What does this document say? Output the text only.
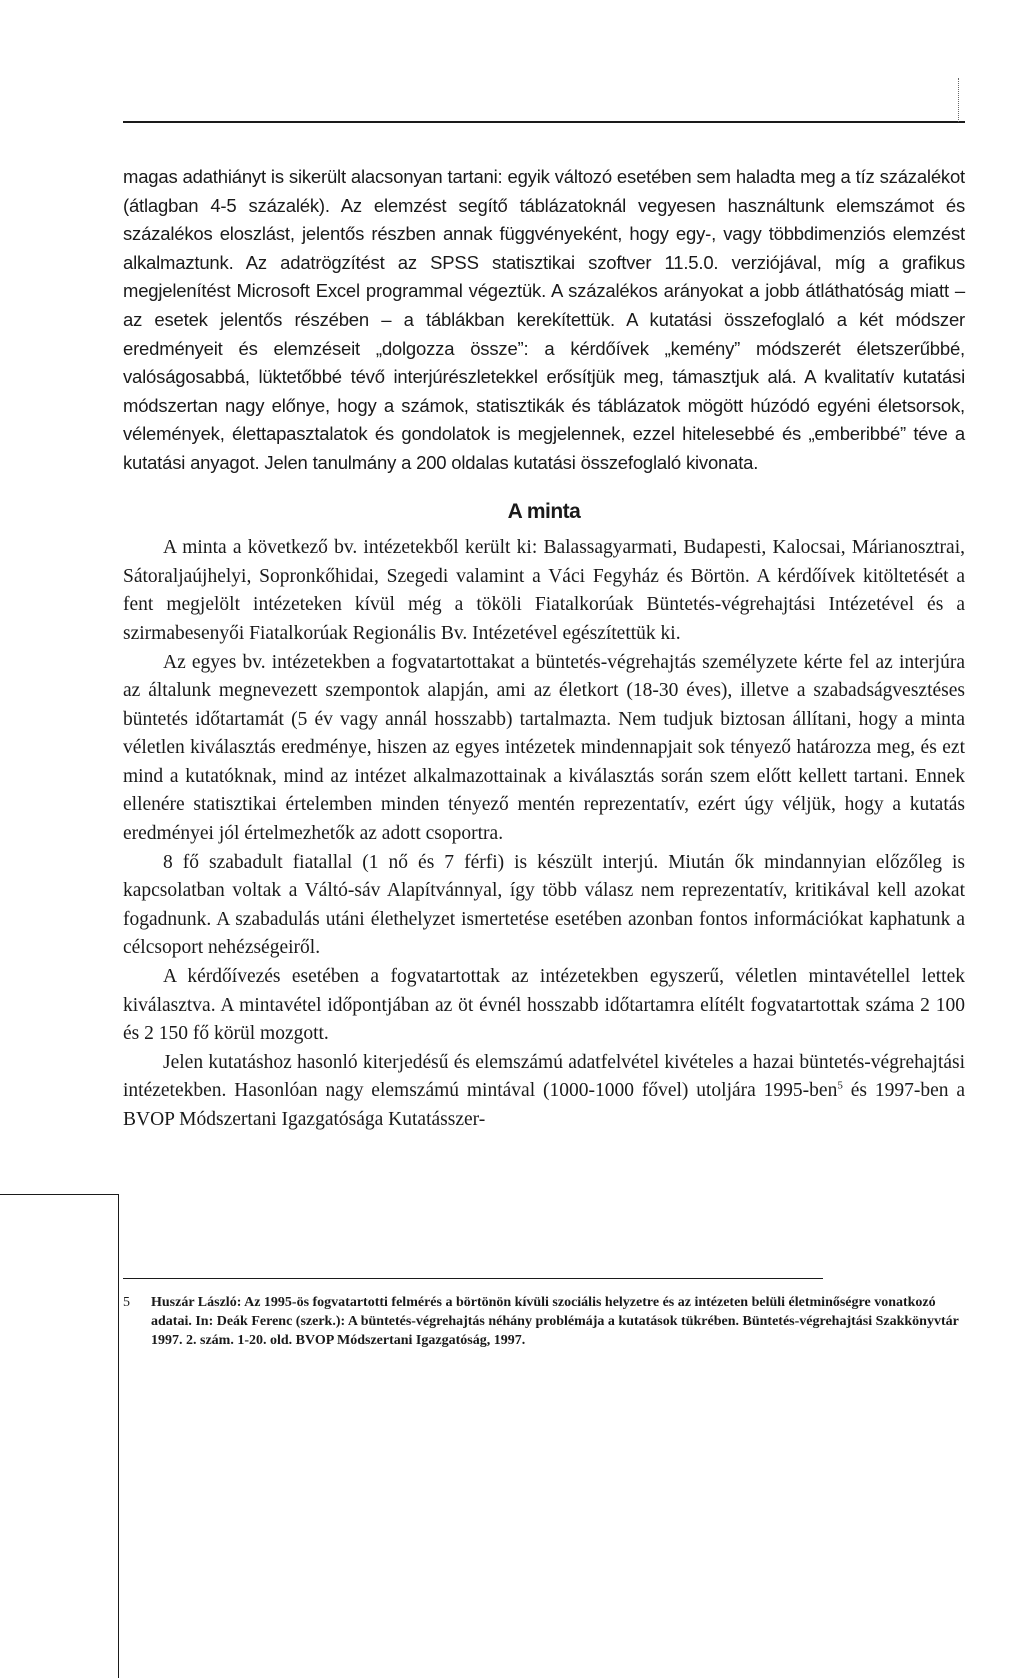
magas adathiányt is sikerült alacsonyan tartani: egyik változó esetében sem haladta meg a tíz százalékot (átlagban 4-5 százalék). Az elemzést segítő táblázatoknál vegyesen használtunk elemszámot és százalékos eloszlást, jelentős részben annak függvényeként, hogy egy-, vagy többdimenziós elemzést alkalmaztunk. Az adatrögzítést az SPSS statisztikai szoftver 11.5.0. verziójával, míg a grafikus megjelenítést Microsoft Excel programmal végeztük. A százalékos arányokat a jobb átláthatóság miatt – az esetek jelentős részében – a táblákban kerekítettük. A kutatási összefoglaló a két módszer eredményeit és elemzéseit „dolgozza össze”: a kérdőívek „kemény” módszerét életszerűbbé, valóságosabbá, lüktetőbbé tévő interjúrészletekkel erősítjük meg, támasztjuk alá. A kvalitatív kutatási módszertan nagy előnye, hogy a számok, statisztikák és táblázatok mögött húzódó egyéni életsorsok, vélemények, élettapasztalatok és gondolatok is megjelennek, ezzel hitelesebbé és „emberibbé” téve a kutatási anyagot. Jelen tanulmány a 200 oldalas kutatási összefoglaló kivonata.

A minta

A minta a következő bv. intézetekből került ki: Balassagyarmati, Budapesti, Kalocsai, Márianosztrai, Sátoraljaújhelyi, Sopronkőhidai, Szegedi valamint a Váci Fegyház és Börtön. A kérdőívek kitöltetését a fent megjelölt intézeteken kívül még a tököli Fiatalkorúak Büntetés-végrehajtási Intézetével és a szirmabesenyői Fiatalkorúak Regionális Bv. Intézetével egészítettük ki.

Az egyes bv. intézetekben a fogvatartottakat a büntetés-végrehajtás személyzete kérte fel az interjúra az általunk megnevezett szempontok alapján, ami az életkort (18-30 éves), illetve a szabadságvesztéses büntetés időtartamát (5 év vagy annál hosszabb) tartalmazta. Nem tudjuk biztosan állítani, hogy a minta véletlen kiválasztás eredménye, hiszen az egyes intézetek mindennapjait sok tényező határozza meg, és ezt mind a kutatóknak, mind az intézet alkalmazottainak a kiválasztás során szem előtt kellett tartani. Ennek ellenére statisztikai értelemben minden tényező mentén reprezentatív, ezért úgy véljük, hogy a kutatás eredményei jól értelmezhetők az adott csoportra.

8 fő szabadult fiatallal (1 nő és 7 férfi) is készült interjú. Miután ők mindannyian előzőleg is kapcsolatban voltak a Váltó-sáv Alapítvánnyal, így több válasz nem reprezentatív, kritikával kell azokat fogadnunk. A szabadulás utáni élethelyzet ismertetése esetében azonban fontos információkat kaphatunk a célcsoport nehézségeiről.

A kérdőívezés esetében a fogvatartottak az intézetekben egyszerű, véletlen mintavétellel lettek kiválasztva. A mintavétel időpontjában az öt évnél hosszabb időtartamra elítélt fogvatartottak száma 2 100 és 2 150 fő körül mozgott.

Jelen kutatáshoz hasonló kiterjedésű és elemszámú adatfelvétel kivételes a hazai büntetés-végrehajtási intézetekben. Hasonlóan nagy elemszámú mintával (1000-1000 fővel) utoljára 1995-ben$^5$ és 1997-ben a BVOP Módszertani Igazgatósága Kutatásszer-

5 Huszár László: Az 1995-ös fogvatartotti felmérés a börtönön kívüli szociális helyzetre és az intézeten belüli életminőségre vonatkozó adatai. In: Deák Ferenc (szerk.): A büntetés-végrehajtás néhány problémája a kutatások tükrében. Büntetés-végrehajtási Szakkönyvtár 1997. 2. szám. 1-20. old. BVOP Módszertani Igazgatóság, 1997.
